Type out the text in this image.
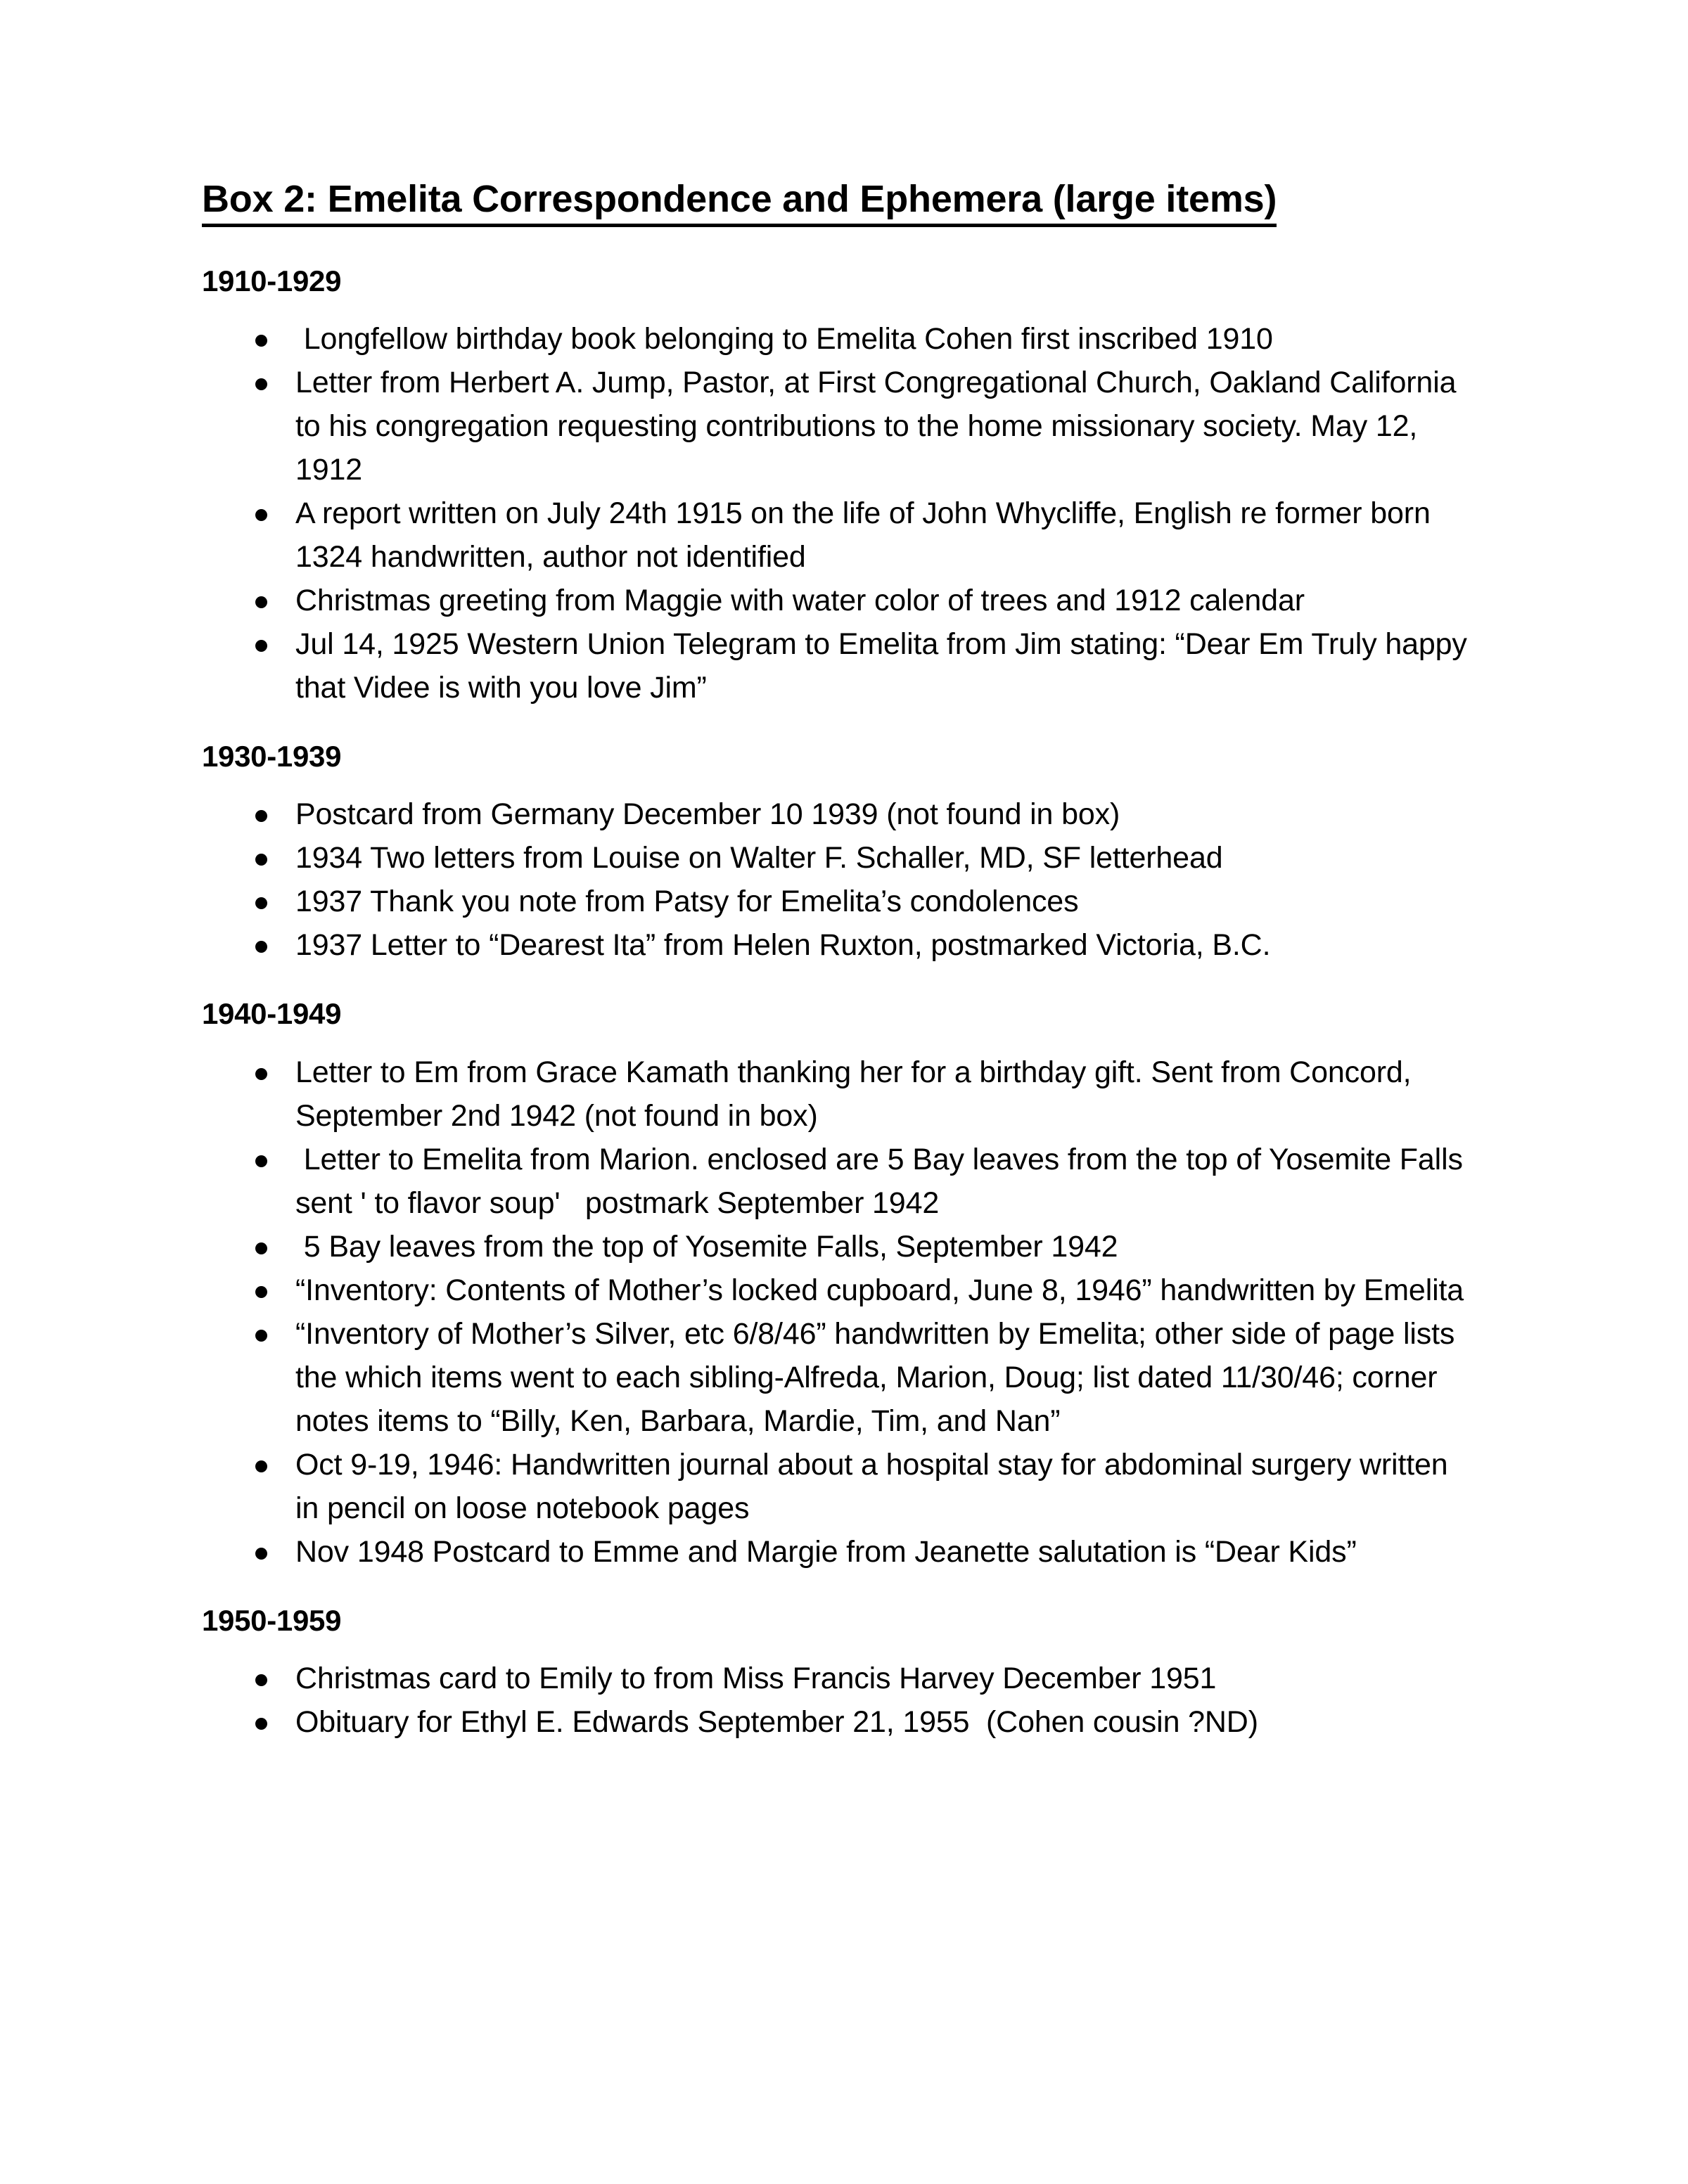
Box 2: Emelita Correspondence and Ephemera (large items)
1910-1929
Longfellow birthday book belonging to Emelita Cohen first inscribed 1910
Letter from Herbert A. Jump, Pastor, at First Congregational Church, Oakland California to his congregation requesting contributions to the home missionary society. May 12, 1912
A report written on July 24th 1915 on the life of John Whycliffe, English re former born 1324 handwritten, author not identified
Christmas greeting from Maggie with water color of trees and 1912 calendar
Jul 14, 1925 Western Union Telegram to Emelita from Jim stating: “Dear Em Truly happy that Videe is with you love Jim”
1930-1939
Postcard from Germany December 10 1939 (not found in box)
1934 Two letters from Louise on Walter F. Schaller, MD, SF letterhead
1937 Thank you note from Patsy for Emelita’s condolences
1937 Letter to “Dearest Ita” from Helen Ruxton, postmarked Victoria, B.C.
1940-1949
Letter to Em from Grace Kamath thanking her for a birthday gift. Sent from Concord, September 2nd 1942 (not found in box)
Letter to Emelita from Marion. enclosed are 5 Bay leaves from the top of Yosemite Falls sent ' to flavor soup'   postmark September 1942
5 Bay leaves from the top of Yosemite Falls, September 1942
“Inventory: Contents of Mother’s locked cupboard, June 8, 1946” handwritten by Emelita
“Inventory of Mother’s Silver, etc 6/8/46” handwritten by Emelita; other side of page lists the which items went to each sibling-Alfreda, Marion, Doug; list dated 11/30/46; corner notes items to “Billy, Ken, Barbara, Mardie, Tim, and Nan”
Oct 9-19, 1946: Handwritten journal about a hospital stay for abdominal surgery written in pencil on loose notebook pages
Nov 1948 Postcard to Emme and Margie from Jeanette salutation is “Dear Kids”
1950-1959
Christmas card to Emily to from Miss Francis Harvey December 1951
Obituary for Ethyl E. Edwards September 21, 1955  (Cohen cousin ?ND)
